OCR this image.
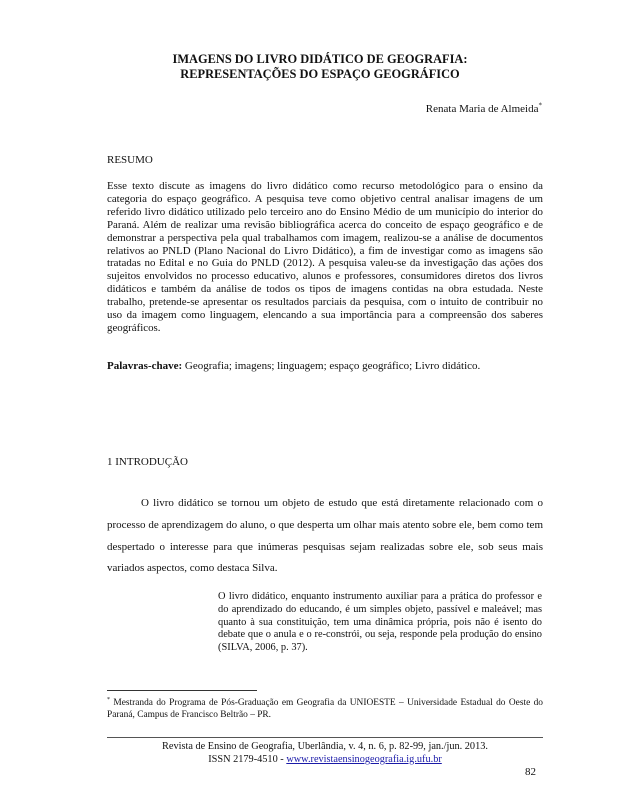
IMAGENS DO LIVRO DIDÁTICO DE GEOGRAFIA:
REPRESENTAÇÕES DO ESPAÇO GEOGRÁFICO
Renata Maria de Almeida*
RESUMO

Esse texto discute as imagens do livro didático como recurso metodológico para o ensino da categoria do espaço geográfico. A pesquisa teve como objetivo central analisar imagens de um referido livro didático utilizado pelo terceiro ano do Ensino Médio de um município do interior do Paraná. Além de realizar uma revisão bibliográfica acerca do conceito de espaço geográfico e de demonstrar a perspectiva pela qual trabalhamos com imagem, realizou-se a análise de documentos relativos ao PNLD (Plano Nacional do Livro Didático), a fim de investigar como as imagens são tratadas no Edital e no Guia do PNLD (2012). A pesquisa valeu-se da investigação das ações dos sujeitos envolvidos no processo educativo, alunos e professores, consumidores diretos dos livros didáticos e também da análise de todos os tipos de imagens contidas na obra estudada. Neste trabalho, pretende-se apresentar os resultados parciais da pesquisa, com o intuito de contribuir no uso da imagem como linguagem, elencando a sua importância para a compreensão dos saberes geográficos.

Palavras-chave: Geografia; imagens; linguagem; espaço geográfico; Livro didático.

1 INTRODUÇÃO

O livro didático se tornou um objeto de estudo que está diretamente relacionado com o processo de aprendizagem do aluno, o que desperta um olhar mais atento sobre ele, bem como tem despertado o interesse para que inúmeras pesquisas sejam realizadas sobre ele, sob seus mais variados aspectos, como destaca Silva.

O livro didático, enquanto instrumento auxiliar para a prática do professor e do aprendizado do educando, é um simples objeto, passível e maleável; mas quanto à sua constituição, tem uma dinâmica própria, pois não é isento do debate que o anula e o re-constrói, ou seja, responde pela produção do ensino (SILVA, 2006, p. 37).

* Mestranda do Programa de Pós-Graduação em Geografia da UNIOESTE – Universidade Estadual do Oeste do Paraná, Campus de Francisco Beltrão – PR.

Revista de Ensino de Geografia, Uberlândia, v. 4, n. 6, p. 82-99, jan./jun. 2013.
ISSN 2179-4510 - www.revistaensinogeografia.ig.ufu.br
82
